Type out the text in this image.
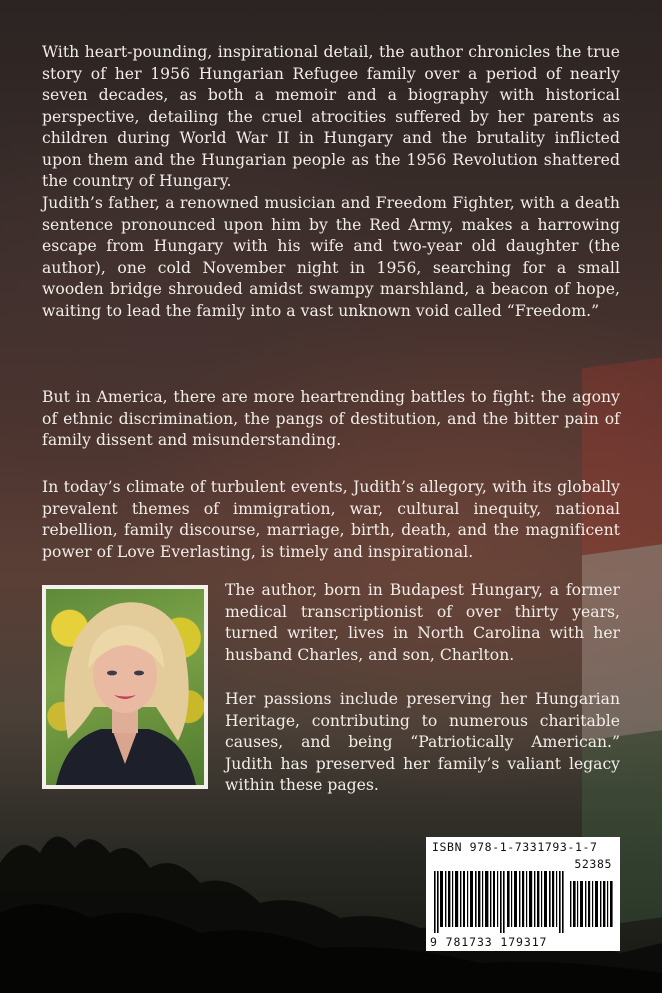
With heart-pounding, inspirational detail, the author chronicles the true story of her 1956 Hungarian Refugee family over a period of nearly seven decades, as both a memoir and a biography with historical perspective, detailing the cruel atrocities suffered by her parents as children during World War II in Hungary and the brutality inflicted upon them and the Hungarian people as the 1956 Revolution shattered the country of Hungary.

Judith’s father, a renowned musician and Freedom Fighter, with a death sentence pronounced upon him by the Red Army, makes a harrowing escape from Hungary with his wife and two-year old daughter (the author), one cold November night in 1956, searching for a small wooden bridge shrouded amidst swampy marshland, a beacon of hope, waiting to lead the family into a vast unknown void called “Freedom.”

But in America, there are more heartrending battles to fight: the agony of ethnic discrimination, the pangs of destitution, and the bitter pain of family dissent and misunderstanding.

In today’s climate of turbulent events, Judith’s allegory, with its globally prevalent themes of immigration, war, cultural inequity, national rebellion, family discourse, marriage, birth, death, and the magnificent power of Love Everlasting, is timely and inspirational.

The author, born in Budapest Hungary, a former medical transcriptionist of over thirty years, turned writer, lives in North Carolina with her husband Charles, and son, Charlton.

Her passions include preserving her Hungarian Heritage, contributing to numerous charitable causes, and being “Patriotically American.” Judith has preserved her family’s valiant legacy within these pages.

ISBN 978-1-7331793-1-7
52385
9 781733 179317
